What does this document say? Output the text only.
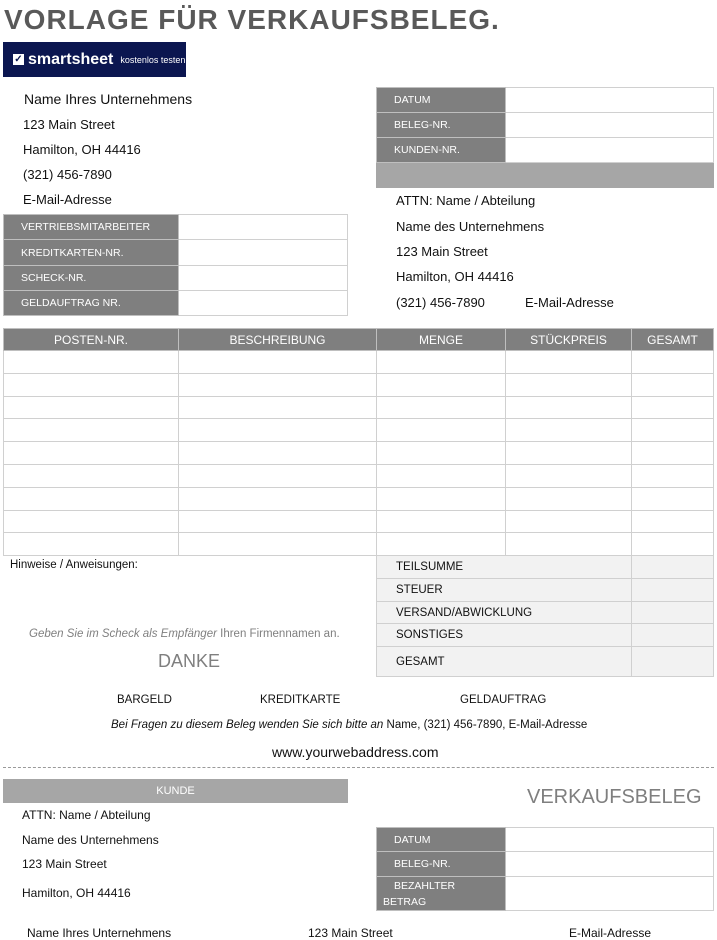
VORLAGE FÜR VERKAUFSBELEG.
✓ smartsheet kostenlos testen
Name Ihres Unternehmens
123 Main Street
Hamilton, OH 44416
(321) 456-7890
E-Mail-Adresse
DATUM	
BELEG-NR.	
KUNDEN-NR.	

ATTN: Name / Abteilung
Name des Unternehmens
123 Main Street
Hamilton, OH 44416
(321) 456-7890	E-Mail-Adresse
VERTRIEBSMITARBEITER	
KREDITKARTEN-NR.	
SCHECK-NR.	
GELDAUFTRAG NR.	
POSTEN-NR.	BESCHREIBUNG	MENGE	STÜCKPREIS	GESAMT

Hinweise / Anweisungen:
Geben Sie im Scheck als Empfänger Ihren Firmennamen an.
DANKE
TEILSUMME	
STEUER	
VERSAND/ABWICKLUNG	
SONSTIGES	
GESAMT	
BARGELD	KREDITKARTE	GELDAUFTRAG
Bei Fragen zu diesem Beleg wenden Sie sich bitte an Name, (321) 456-7890, E-Mail-Adresse
www.yourwebaddress.com
KUNDE	VERKAUFSBELEG
ATTN: Name / Abteilung
Name des Unternehmens
123 Main Street
Hamilton, OH 44416
DATUM	
BELEG-NR.	
BEZAHLTER
BETRAG	
Name Ihres Unternehmens	123 Main Street	E-Mail-Adresse
